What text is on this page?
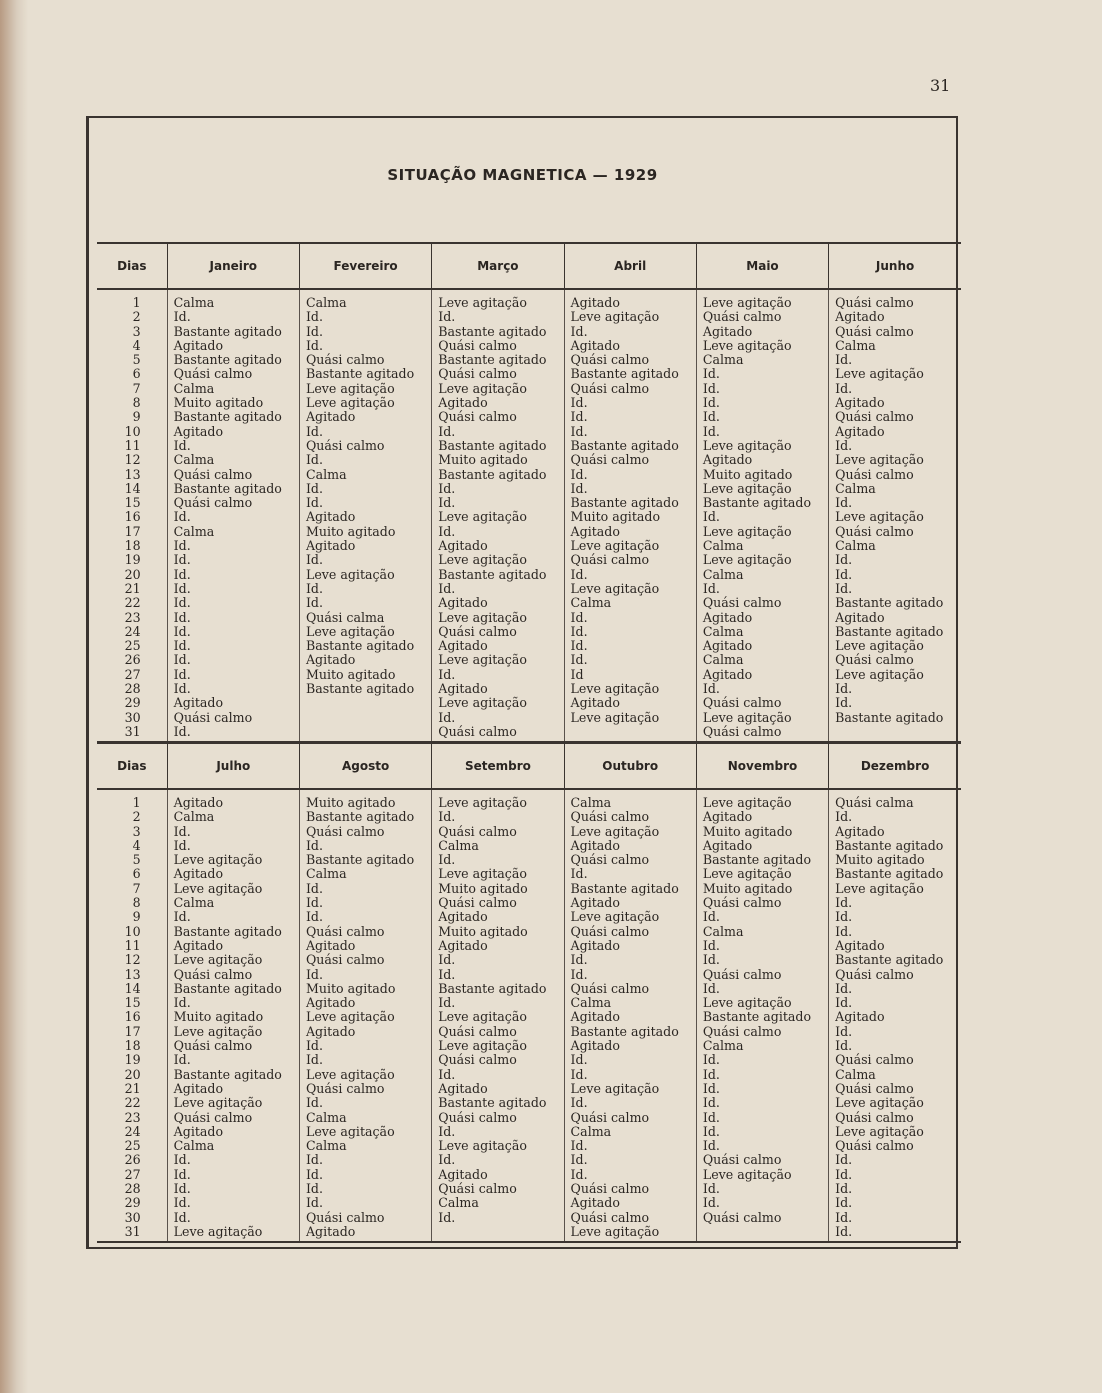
31
SITUAÇÃO MAGNETICA — 1929
Dias	Janeiro	Fevereiro	Março	Abril	Maio	Junho
1	Calma	Calma	Leve agitação	Agitado	Leve agitação	Quási calmo
2	Id.	Id.	Id.	Leve agitação	Quási calmo	Agitado
3	Bastante agitado	Id.	Bastante agitado	Id.	Agitado	Quási calmo
4	Agitado	Id.	Quási calmo	Agitado	Leve agitação	Calma
5	Bastante agitado	Quási calmo	Bastante agitado	Quási calmo	Calma	Id.
6	Quási calmo	Bastante agitado	Quási calmo	Bastante agitado	Id.	Leve agitação
7	Calma	Leve agitação	Leve agitação	Quási calmo	Id.	Id.
8	Muito agitado	Leve agitação	Agitado	Id.	Id.	Agitado
9	Bastante agitado	Agitado	Quási calmo	Id.	Id.	Quási calmo
10	Agitado	Id.	Id.	Id.	Id.	Agitado
11	Id.	Quási calmo	Bastante agitado	Bastante agitado	Leve agitação	Id.
12	Calma	Id.	Muito agitado	Quási calmo	Agitado	Leve agitação
13	Quási calmo	Calma	Bastante agitado	Id.	Muito agitado	Quási calmo
14	Bastante agitado	Id.	Id.	Id.	Leve agitação	Calma
15	Quási calmo	Id.	Id.	Bastante agitado	Bastante agitado	Id.
16	Id.	Agitado	Leve agitação	Muito agitado	Id.	Leve agitação
17	Calma	Muito agitado	Id.	Agitado	Leve agitação	Quási calmo
18	Id.	Agitado	Agitado	Leve agitação	Calma	Calma
19	Id.	Id.	Leve agitação	Quási calmo	Leve agitação	Id.
20	Id.	Leve agitação	Bastante agitado	Id.	Calma	Id.
21	Id.	Id.	Id.	Leve agitação	Id.	Id.
22	Id.	Id.	Agitado	Calma	Quási calmo	Bastante agitado
23	Id.	Quási calma	Leve agitação	Id.	Agitado	Agitado
24	Id.	Leve agitação	Quási calmo	Id.	Calma	Bastante agitado
25	Id.	Bastante agitado	Agitado	Id.	Agitado	Leve agitação
26	Id.	Agitado	Leve agitação	Id.	Calma	Quási calmo
27	Id.	Muito agitado	Id.	Id	Agitado	Leve agitação
28	Id.	Bastante agitado	Agitado	Leve agitação	Id.	Id.
29	Agitado		Leve agitação	Agitado	Quási calmo	Id.
30	Quási calmo		Id.	Leve agitação	Leve agitação	Bastante agitado
31	Id.		Quási calmo		Quási calmo	
Dias	Julho	Agosto	Setembro	Outubro	Novembro	Dezembro
1	Agitado	Muito agitado	Leve agitação	Calma	Leve agitação	Quási calma
2	Calma	Bastante agitado	Id.	Quási calmo	Agitado	Id.
3	Id.	Quási calmo	Quási calmo	Leve agitação	Muito agitado	Agitado
4	Id.	Id.	Calma	Agitado	Agitado	Bastante agitado
5	Leve agitação	Bastante agitado	Id.	Quási calmo	Bastante agitado	Muito agitado
6	Agitado	Calma	Leve agitação	Id.	Leve agitação	Bastante agitado
7	Leve agitação	Id.	Muito agitado	Bastante agitado	Muito agitado	Leve agitação
8	Calma	Id.	Quási calmo	Agitado	Quási calmo	Id.
9	Id.	Id.	Agitado	Leve agitação	Id.	Id.
10	Bastante agitado	Quási calmo	Muito agitado	Quási calmo	Calma	Id.
11	Agitado	Agitado	Agitado	Agitado	Id.	Agitado
12	Leve agitação	Quási calmo	Id.	Id.	Id.	Bastante agitado
13	Quási calmo	Id.	Id.	Id.	Quási calmo	Quási calmo
14	Bastante agitado	Muito agitado	Bastante agitado	Quási calmo	Id.	Id.
15	Id.	Agitado	Id.	Calma	Leve agitação	Id.
16	Muito agitado	Leve agitação	Leve agitação	Agitado	Bastante agitado	Agitado
17	Leve agitação	Agitado	Quási calmo	Bastante agitado	Quási calmo	Id.
18	Quási calmo	Id.	Leve agitação	Agitado	Calma	Id.
19	Id.	Id.	Quási calmo	Id.	Id.	Quási calmo
20	Bastante agitado	Leve agitação	Id.	Id.	Id.	Calma
21	Agitado	Quási calmo	Agitado	Leve agitação	Id.	Quási calmo
22	Leve agitação	Id.	Bastante agitado	Id.	Id.	Leve agitação
23	Quási calmo	Calma	Quási calmo	Quási calmo	Id.	Quási calmo
24	Agitado	Leve agitação	Id.	Calma	Id.	Leve agitação
25	Calma	Calma	Leve agitação	Id.	Id.	Quási calmo
26	Id.	Id.	Id.	Id.	Quási calmo	Id.
27	Id.	Id.	Agitado	Id.	Leve agitação	Id.
28	Id.	Id.	Quási calmo	Quási calmo	Id.	Id.
29	Id.	Id.	Calma	Agitado	Id.	Id.
30	Id.	Quási calmo	Id.	Quási calmo	Quási calmo	Id.
31	Leve agitação	Agitado		Leve agitação		Id.
